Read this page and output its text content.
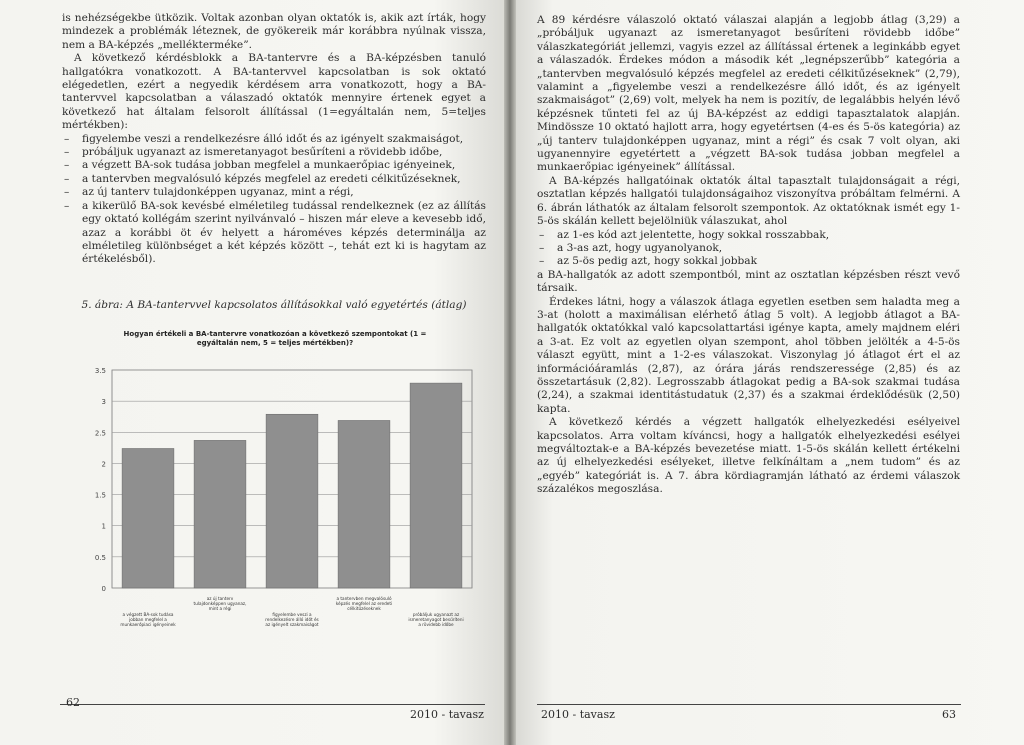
is nehézségekbe ütközik. Voltak azonban olyan oktatók is, akik azt írták, hogy mindezek a problémák léteznek, de gyökereik már korábbra nyúlnak vissza, nem a BA-képzés „mellékterméke”.

A következő kérdésblokk a BA-tantervre és a BA-képzésben tanuló hallgatókra vonatkozott. A BA-tantervvel kapcsolatban is sok oktató elégedetlen, ezért a negyedik kérdésem arra vonatkozott, hogy a BA-tantervvel kapcsolatban a válaszadó oktatók mennyire értenek egyet a következő hat általam felsorolt állítással (1=egyáltalán nem, 5=teljes mértékben):

– figyelembe veszi a rendelkezésre álló időt és az igényelt szakmaiságot,
– próbáljuk ugyanazt az ismeretanyagot besűríteni a rövidebb időbe,
– a végzett BA-sok tudása jobban megfelel a munkaerőpiac igényeinek,
– a tantervben megvalósuló képzés megfelel az eredeti célkitűzéseknek,
– az új tanterv tulajdonképpen ugyanaz, mint a régi,
– a kikerülő BA-sok kevésbé elméletileg tudással rendelkeznek (ez az állítás egy oktató kollégám szerint nyilvánvaló – hiszen már eleve a kevesebb idő, azaz a korábbi öt év helyett a hároméves képzés determinálja az elméletileg különbséget a két képzés között –, tehát ezt ki is hagytam az értékelésből).
5. ábra: A BA-tantervvel kapcsolatos állításokkal való egyetértés (átlag)
Hogyan értékeli a BA-tantervre vonatkozóan a következő szempontokat (1 = egyáltalán nem, 5 = teljes mértékben)?
0
0.5
1
1.5
2
2.5
3
3.5
a végzett BA-sok tudása jobban megfelel a munkaerőpiaci igényeinek
az új tanterv tulajdonképpen ugyanaz, mint a régi
figyelembe veszi a rendelkezésre álló időt és az igényelt szakmaiságot
a tantervben megvalósuló képzés megfelel az eredeti célkitűzéseknek
próbáljuk ugyanazt az ismeretanyagot besűríteni a rövidebb időbe
62
2010 - tavasz

A 89 kérdésre válaszoló oktató válaszai alapján a legjobb átlag (3,29) a „próbáljuk ugyanazt az ismeretanyagot besűríteni rövidebb időbe” válaszkategóriát jellemzi, vagyis ezzel az állítással értenek a leginkább egyet a válaszadók. Érdekes módon a második két „legnépszerűbb” kategória a „tantervben megvalósuló képzés megfelel az eredeti célkitűzéseknek” (2,79), valamint a „figyelembe veszi a rendelkezésre álló időt, és az igényelt szakmaiságot” (2,69) volt, melyek ha nem is pozitív, de legalábbis helyén lévő képzésnek tűnteti fel az új BA-képzést az eddigi tapasztalatok alapján. Mindössze 10 oktató hajlott arra, hogy egyetértsen (4-es és 5-ös kategória) az „új tanterv tulajdonképpen ugyanaz, mint a régi” és csak 7 volt olyan, aki ugyanennyire egyetértett a „végzett BA-sok tudása jobban megfelel a munkaerőpiac igényeinek” állítással.

A BA-képzés hallgatóinak oktatók által tapasztalt tulajdonságait a régi, osztatlan képzés hallgatói tulajdonságaihoz viszonyítva próbáltam felmérni. A 6. ábrán láthatók az általam felsorolt szempontok. Az oktatóknak ismét egy 1-5-ös skálán kellett bejelölniük válaszukat, ahol

– az 1-es kód azt jelentette, hogy sokkal rosszabbak,
– a 3-as azt, hogy ugyanolyanok,
– az 5-ös pedig azt, hogy sokkal jobbak

a BA-hallgatók az adott szempontból, mint az osztatlan képzésben részt vevő társaik.

Érdekes látni, hogy a válaszok átlaga egyetlen esetben sem haladta meg a 3-at (holott a maximálisan elérhető átlag 5 volt). A legjobb átlagot a BA-hallgatók oktatókkal való kapcsolattartási igénye kapta, amely majdnem eléri a 3-at. Ez volt az egyetlen olyan szempont, ahol többen jelölték a 4-5-ös választ együtt, mint a 1-2-es válaszokat. Viszonylag jó átlagot ért el az információáramlás (2,87), az órára járás rendszeressége (2,85) és az összetartásuk (2,82). Legrosszabb átlagokat pedig a BA-sok szakmai tudása (2,24), a szakmai identitástudatuk (2,37) és a szakmai érdeklődésük (2,50) kapta.

A következő kérdés a végzett hallgatók elhelyezkedési esélyeivel kapcsolatos. Arra voltam kíváncsi, hogy a hallgatók elhelyezkedési esélyei megváltoztak-e a BA-képzés bevezetése miatt. 1-5-ös skálán kellett értékelni az új elhelyezkedési esélyeket, illetve felkínáltam a „nem tudom” és az „egyéb” kategóriát is. A 7. ábra kördiagramján látható az érdemi válaszok százalékos megoszlása.

2010 - tavasz	63
